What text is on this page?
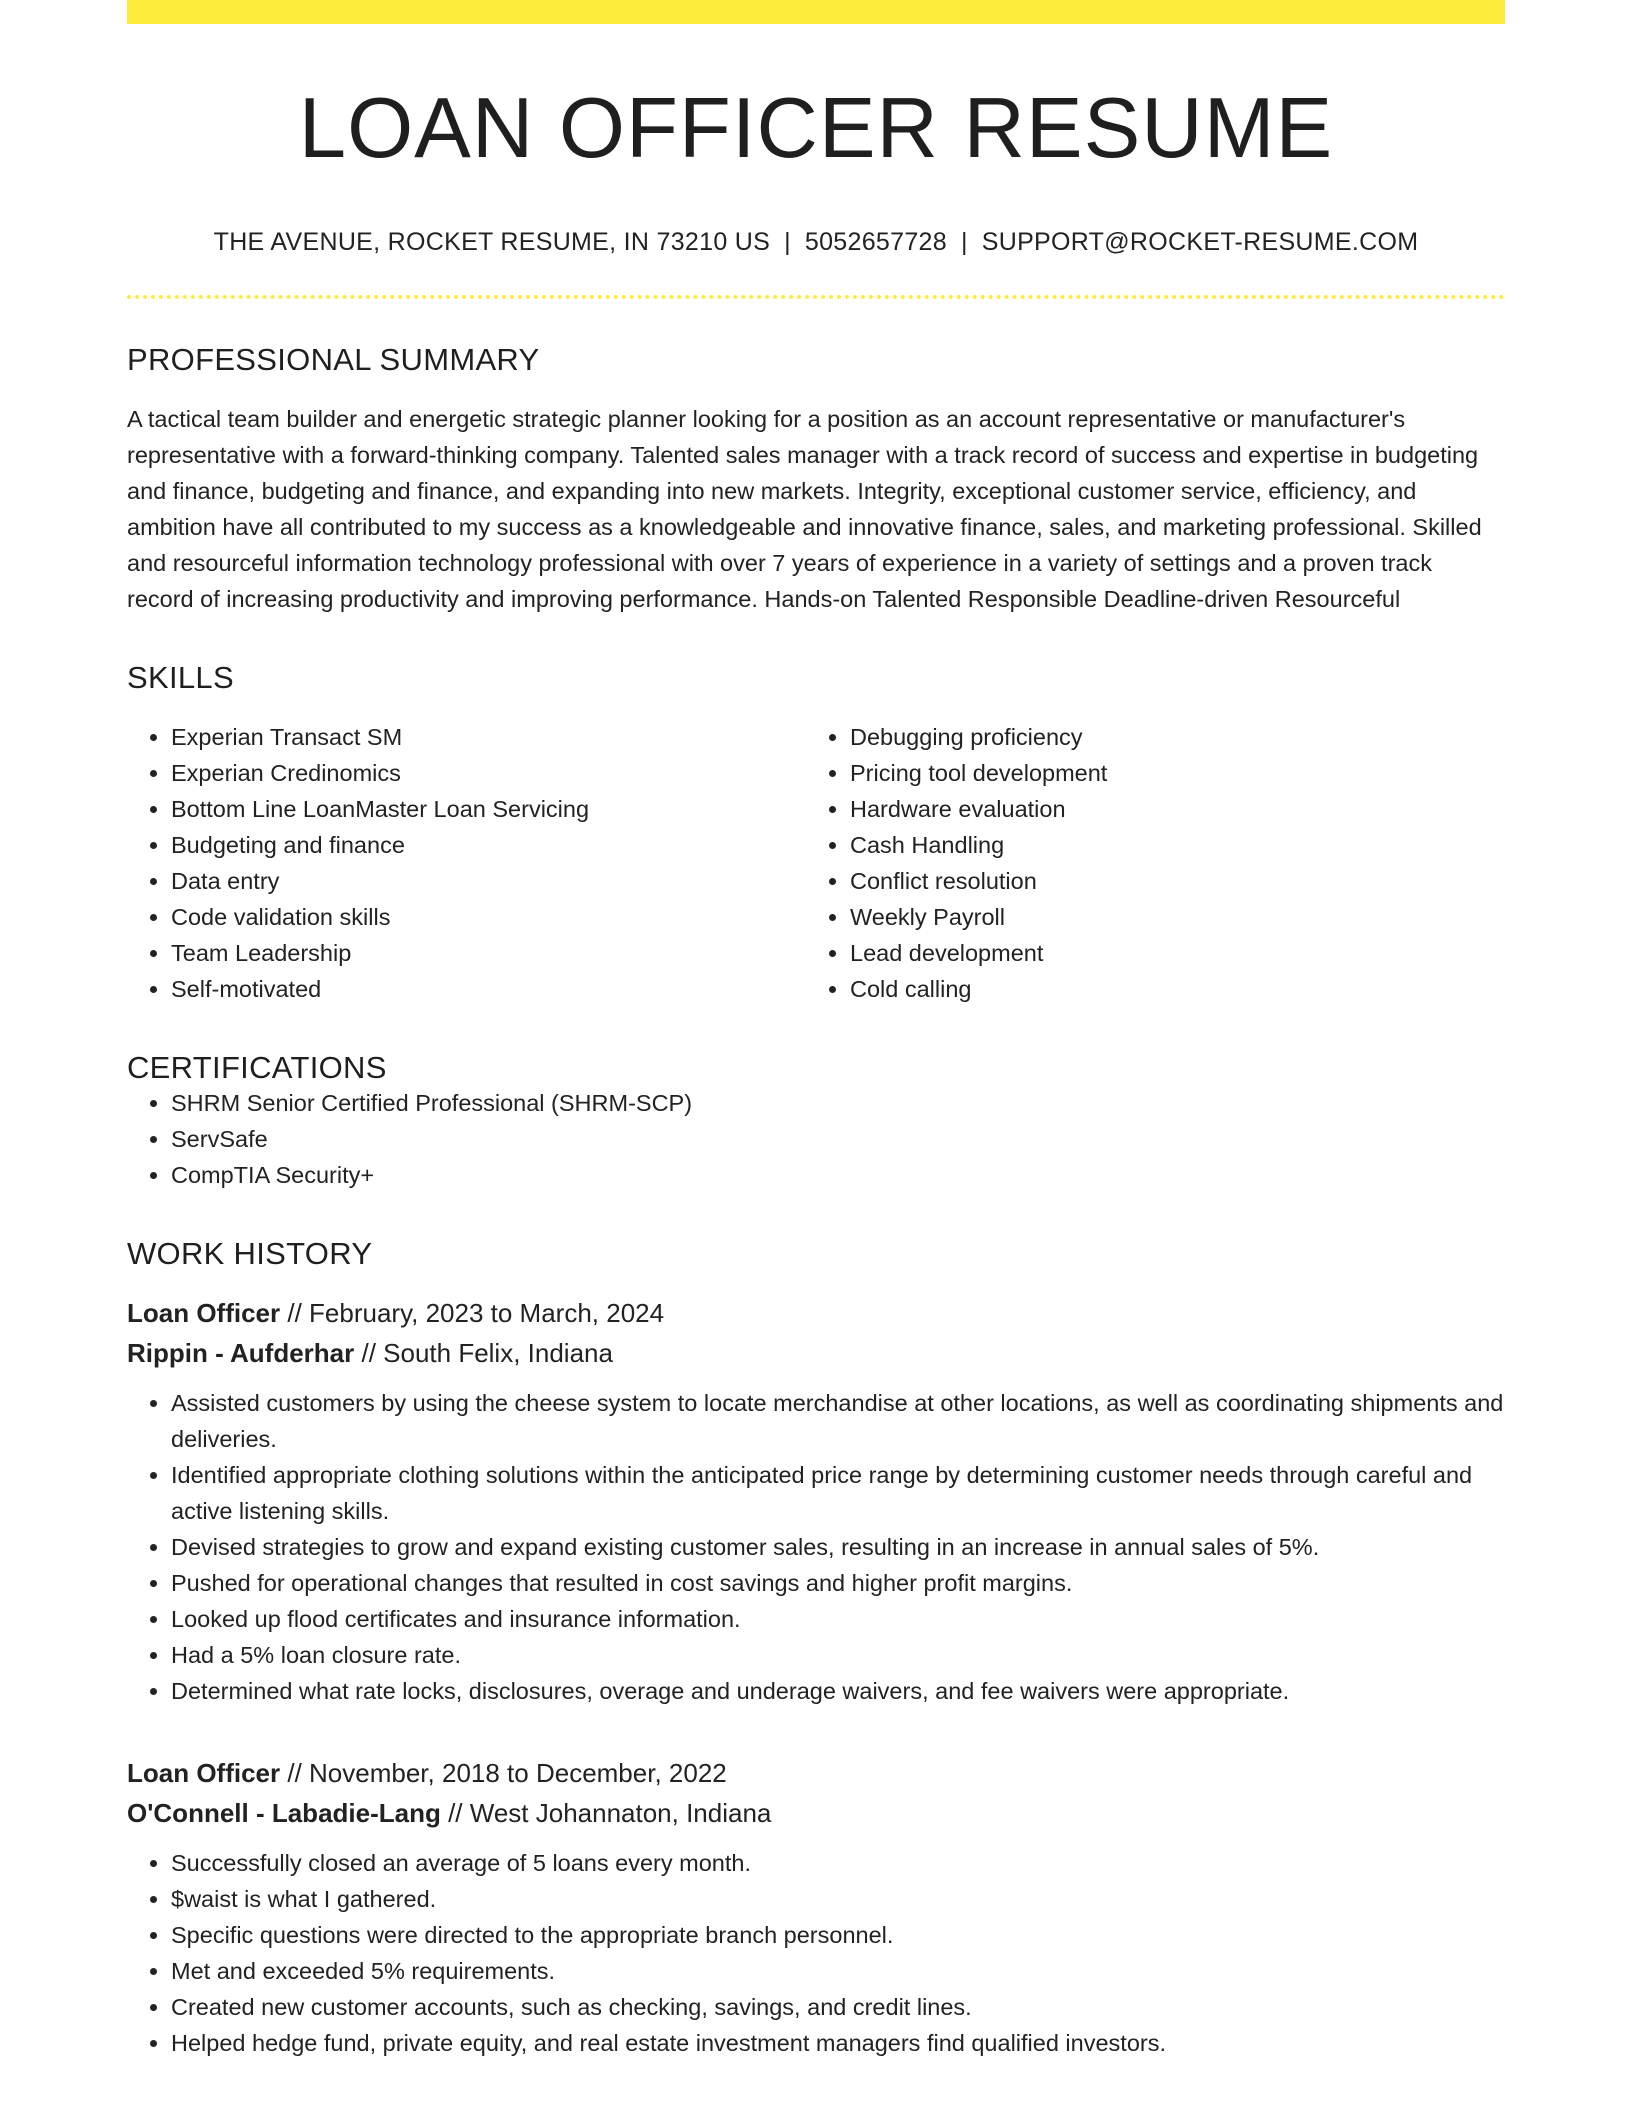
LOAN OFFICER RESUME
THE AVENUE, ROCKET RESUME, IN 73210 US | 5052657728 | SUPPORT@ROCKET-RESUME.COM
PROFESSIONAL SUMMARY
A tactical team builder and energetic strategic planner looking for a position as an account representative or manufacturer's representative with a forward-thinking company. Talented sales manager with a track record of success and expertise in budgeting and finance, budgeting and finance, and expanding into new markets. Integrity, exceptional customer service, efficiency, and ambition have all contributed to my success as a knowledgeable and innovative finance, sales, and marketing professional. Skilled and resourceful information technology professional with over 7 years of experience in a variety of settings and a proven track record of increasing productivity and improving performance. Hands-on Talented Responsible Deadline-driven Resourceful
SKILLS
• Experian Transact SM
• Experian Credinomics
• Bottom Line LoanMaster Loan Servicing
• Budgeting and finance
• Data entry
• Code validation skills
• Team Leadership
• Self-motivated
• Debugging proficiency
• Pricing tool development
• Hardware evaluation
• Cash Handling
• Conflict resolution
• Weekly Payroll
• Lead development
• Cold calling
CERTIFICATIONS
• SHRM Senior Certified Professional (SHRM-SCP)
• ServSafe
• CompTIA Security+
WORK HISTORY
Loan Officer // February, 2023 to March, 2024
Rippin - Aufderhar // South Felix, Indiana
• Assisted customers by using the cheese system to locate merchandise at other locations, as well as coordinating shipments and deliveries.
• Identified appropriate clothing solutions within the anticipated price range by determining customer needs through careful and active listening skills.
• Devised strategies to grow and expand existing customer sales, resulting in an increase in annual sales of 5%.
• Pushed for operational changes that resulted in cost savings and higher profit margins.
• Looked up flood certificates and insurance information.
• Had a 5% loan closure rate.
• Determined what rate locks, disclosures, overage and underage waivers, and fee waivers were appropriate.
Loan Officer // November, 2018 to December, 2022
O'Connell - Labadie-Lang // West Johannaton, Indiana
• Successfully closed an average of 5 loans every month.
• $waist is what I gathered.
• Specific questions were directed to the appropriate branch personnel.
• Met and exceeded 5% requirements.
• Created new customer accounts, such as checking, savings, and credit lines.
• Helped hedge fund, private equity, and real estate investment managers find qualified investors.
